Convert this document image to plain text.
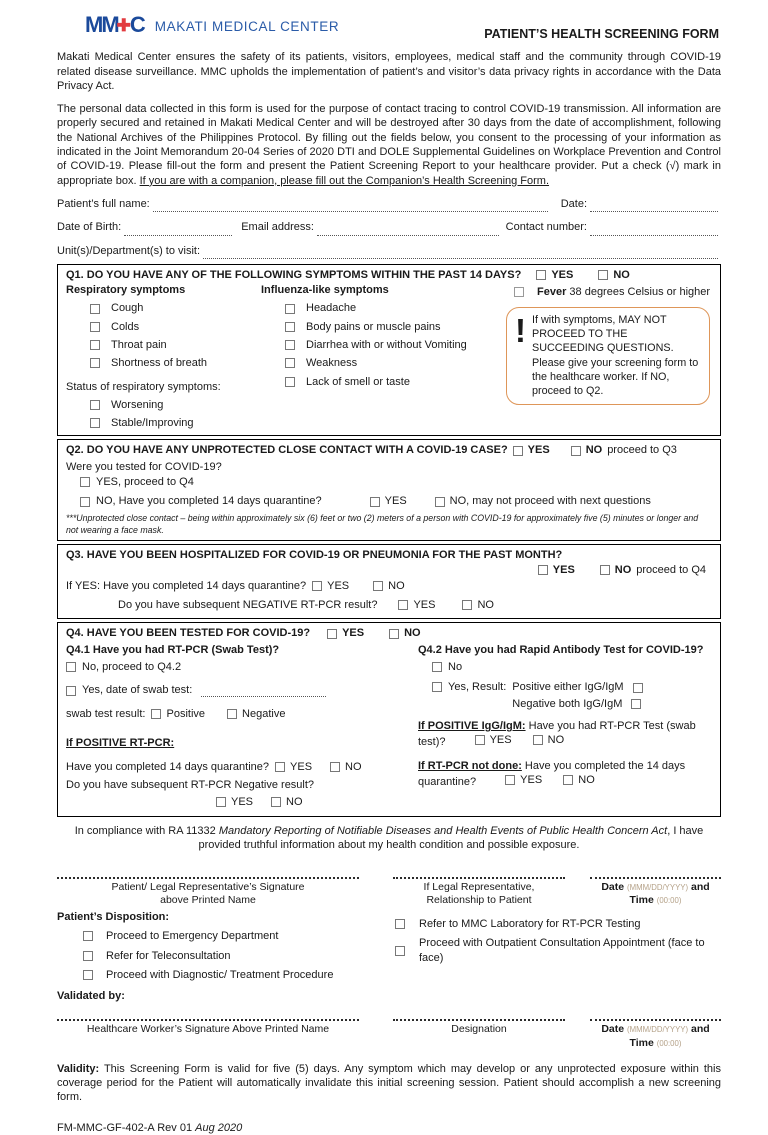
MM ✚ C MAKATI MEDICAL CENTER	PATIENT’S HEALTH SCREENING FORM
Makati Medical Center ensures the safety of its patients, visitors, employees, medical staff and the community through COVID-19 related disease surveillance. MMC upholds the implementation of patient’s and visitor’s data privacy rights in accordance with the Data Privacy Act.
The personal data collected in this form is used for the purpose of contact tracing to control COVID-19 transmission. All information are properly secured and retained in Makati Medical Center and will be destroyed after 30 days from the date of accomplishment, following the National Archives of the Philippines Protocol. By filling out the fields below, you consent to the processing of your information as indicated in the Joint Memorandum 20-04 Series of 2020 DTI and DOLE Supplemental Guidelines on Workplace Prevention and Control of COVID-19. Please fill-out the form and present the Patient Screening Report to your healthcare provider. Put a check (√) mark in appropriate box. If you are with a companion, please fill out the Companion’s Health Screening Form.
Patient’s full name:	Date:
Date of Birth:	Email address:	Contact number:
Unit(s)/Department(s) to visit:
Q1. DO YOU HAVE ANY OF THE FOLLOWING SYMPTOMS WITHIN THE PAST 14 DAYS?	YES	NO
Respiratory symptoms
Cough
Colds
Throat pain
Shortness of breath
Status of respiratory symptoms:
Worsening
Stable/Improving
Influenza-like symptoms
Headache
Body pains or muscle pains
Diarrhea with or without Vomiting
Weakness
Lack of smell or taste
Fever 38 degrees Celsius or higher
! If with symptoms, MAY NOT PROCEED TO THE SUCCEEDING QUESTIONS. Please give your screening form to the healthcare worker. If NO, proceed to Q2.
Q2. DO YOU HAVE ANY UNPROTECTED CLOSE CONTACT WITH A COVID-19 CASE? YES	NO proceed to Q3
Were you tested for COVID-19?
YES, proceed to Q4
NO, Have you completed 14 days quarantine?	YES	NO, may not proceed with next questions
***Unprotected close contact – being within approximately six (6) feet or two (2) meters of a person with COVID-19 for approximately five (5) minutes or longer and not wearing a face mask.
Q3. HAVE YOU BEEN HOSPITALIZED FOR COVID-19 OR PNEUMONIA FOR THE PAST MONTH?
YES	NO proceed to Q4
If YES: Have you completed 14 days quarantine? YES	NO
Do you have subsequent NEGATIVE RT-PCR result?	YES	NO
Q4. HAVE YOU BEEN TESTED FOR COVID-19?	YES	NO
Q4.1 Have you had RT-PCR (Swab Test)?
No, proceed to Q4.2
Yes, date of swab test:
swab test result: Positive	Negative
If POSITIVE RT-PCR:
Have you completed 14 days quarantine? YES	NO
Do you have subsequent RT-PCR Negative result?
YES	NO
Q4.2 Have you had Rapid Antibody Test for COVID-19?
No
Yes, Result: Positive either IgG/IgM
Negative both IgG/IgM
If POSITIVE IgG/IgM: Have you had RT-PCR Test (swab test)?	YES
	NO
If RT-PCR not done: Have you completed the 14 days quarantine?	YES
	NO
In compliance with RA 11332 Mandatory Reporting of Notifiable Diseases and Health Events of Public Health Concern Act, I have provided truthful information about my health condition and possible exposure.
Patient/ Legal Representative’s Signature
above Printed Name
If Legal Representative,
Relationship to Patient
Date (MMM/DD/YYYY) and
Time (00:00)
Patient’s Disposition:
Proceed to Emergency Department
Refer for Teleconsultation
Proceed with Diagnostic/ Treatment Procedure
Validated by:
Refer to MMC Laboratory for RT-PCR Testing
Proceed with Outpatient Consultation Appointment (face to face)
Healthcare Worker’s Signature Above Printed Name	Designation	Date (MMM/DD/YYYY) and
Time (00:00)
Validity: This Screening Form is valid for five (5) days. Any symptom which may develop or any unprotected exposure within this coverage period for the Patient will automatically invalidate this initial screening session. Patient should accomplish a new screening form.
FM-MMC-GF-402-A Rev 01 Aug 2020
